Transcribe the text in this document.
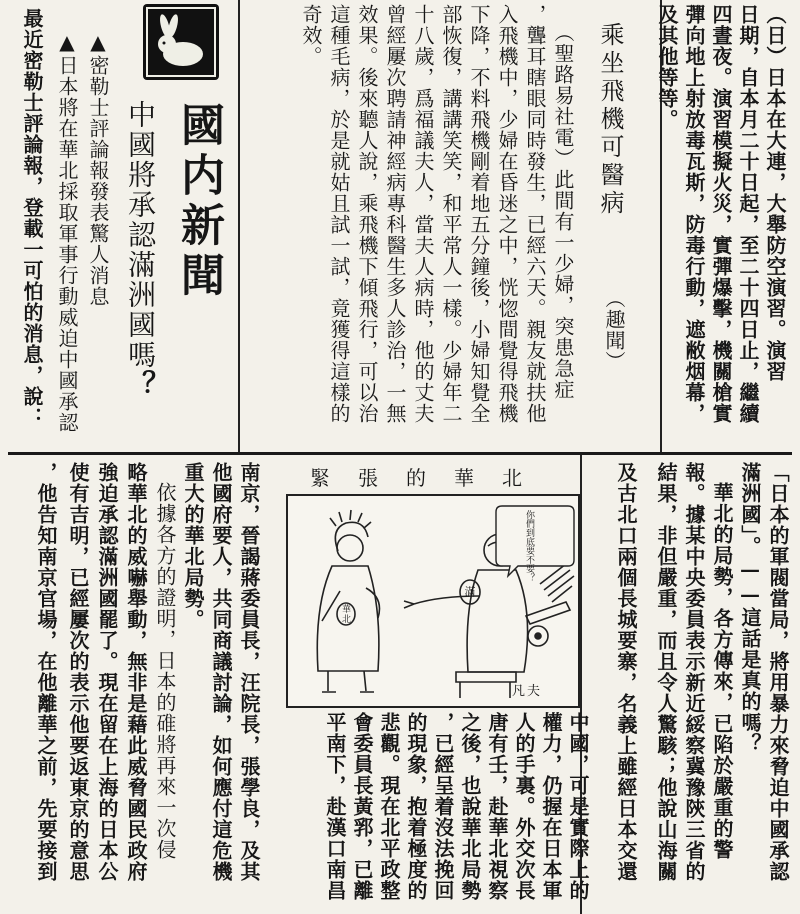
（日）日本在大連，大舉防空演習。演習
日期，自本月二十日起，至二十四日止，繼續
四晝夜。演習模擬火災，實彈爆擊，機關槍實
彈向地上射放毒瓦斯，防毒行動，遮敝烟幕，
及其他等等。
乘坐飛機可醫病
（趣聞）
（聖路易社電）此間有一少婦，突患急症
，聾耳瞎眼同時發生，已經六天。親友就扶他
入飛機中，少婦在昏迷之中，恍惚間覺得飛機
下降，不料飛機剛着地五分鐘後，小婦知覺全
部恢復，講講笑笑，和平常人一樣。少婦年二
十八歲，爲福議夫人，當夫人病時，他的丈夫
曾經屢次聘請神經病專科醫生多人診治，一無
效果。後來聽人說，乘飛機下傾飛行，可以治
這種毛病，於是就姑且試一試，竟獲得這樣的
奇效。
國内新聞
中國將承認滿洲國嗎？
▲密勒士評論報發表驚人消息
▲日本將在華北採取軍事行動威迫中國承認
最近密勒士評論報，登載一可怕的消息，說：
「日本的軍閥當局，將用暴力來脅迫中國承認
滿洲國」。——這話是真的嗎？
華北的局勢，各方傳來，已陷於嚴重的警
報。據某中央委員表示新近綏察冀豫陝三省的
結果，非但嚴重，而且令人驚駭；他說山海關
及古北口兩個長城要寨，名義上雖經日本交還
中國，可是實際上的
權力，仍握在日本軍
人的手裏。外交次長
唐有壬，赴華北視察
之後，也說華北局勢
，已經呈着沒法挽回
的現象，抱着極度的
悲觀。現在北平政整
會委員長黃郛，已離
平南下，赴漢口南昌
南京，晉謁蔣委員長，汪院長，張學良，及其
他國府要人，共同商議討論，如何應付這危機
重大的華北局勢。
依據各方的證明，日本的碓將再來一次侵
略華北的威嚇舉動，無非是藉此威脅國民政府
強迫承認滿洲國罷了。現在留在上海的日本公
使有吉明，已經屢次的表示他要返東京的意思
，他告知南京官場，在他離華之前，先要接到	緊張的華北
你們到底要不要？
華北
滿
凡夫
